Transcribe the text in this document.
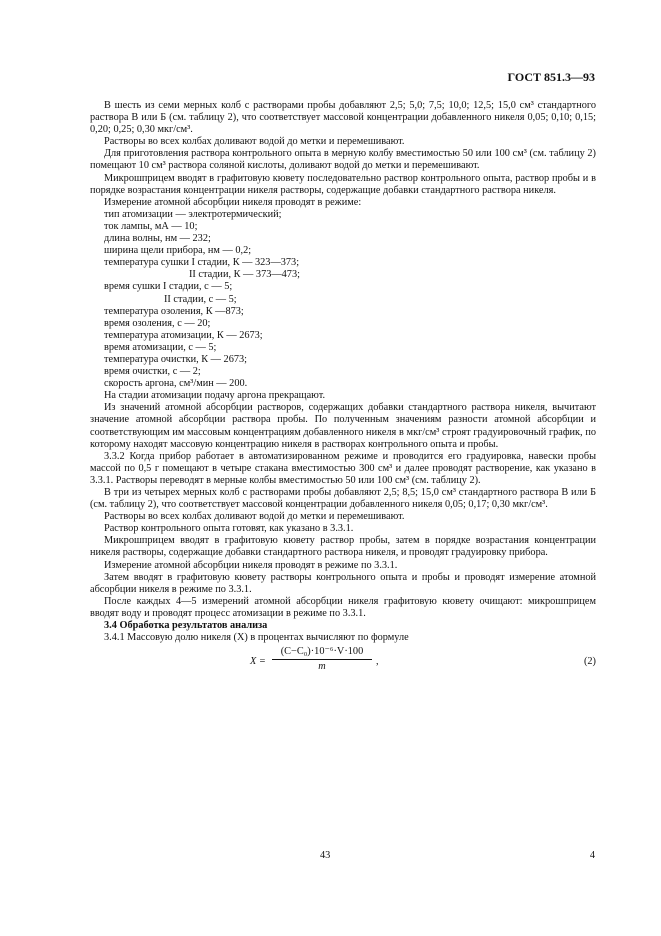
ГОСТ 851.3—93

В шесть из семи мерных колб с растворами пробы добавляют 2,5; 5,0; 7,5; 10,0; 12,5; 15,0 см³ стандартного раствора В или Б (см. таблицу 2), что соответствует массовой концентрации добавленного никеля 0,05; 0,10; 0,15; 0,20; 0,25; 0,30 мкг/см³.

Растворы во всех колбах доливают водой до метки и перемешивают.

Для приготовления раствора контрольного опыта в мерную колбу вместимостью 50 или 100 см³ (см. таблицу 2) помещают 10 см³ раствора соляной кислоты, доливают водой до метки и перемешивают.

Микрошприцем вводят в графитовую кювету последовательно раствор контрольного опыта, раствор пробы и в порядке возрастания концентрации никеля растворы, содержащие добавки стандартного раствора никеля.

Измерение атомной абсорбции никеля проводят в режиме:

тип атомизации — электротермический;

ток лампы, мА — 10;

длина волны, нм — 232;

ширина щели прибора, нм — 0,2;

температура сушки I стадии, К — 323—373;

II стадии, К — 373—473;

время сушки I стадии, с — 5;

II стадии, с — 5;

температура озоления, К —873;

время озоления, с — 20;

температура атомизации, К — 2673;

время атомизации, с — 5;

температура очистки, К — 2673;

время очистки, с — 2;

скорость аргона, см³/мин — 200.

На стадии атомизации подачу аргона прекращают.

Из значений атомной абсорбции растворов, содержащих добавки стандартного раствора никеля, вычитают значение атомной абсорбции раствора пробы. По полученным значениям разности атомной абсорбции и соответствующим им массовым концентрациям добавленного никеля в мкг/см³ строят градуировочный график, по которому находят массовую концентрацию никеля в растворах контрольного опыта и пробы.

3.3.2 Когда прибор работает в автоматизированном режиме и проводится его градуировка, навески пробы массой по 0,5 г помещают в четыре стакана вместимостью 300 см³ и далее проводят растворение, как указано в 3.3.1. Растворы переводят в мерные колбы вместимостью 50 или 100 см³ (см. таблицу 2).

В три из четырех мерных колб с растворами пробы добавляют 2,5; 8,5; 15,0 см³ стандартного раствора В или Б (см. таблицу 2), что соответствует массовой концентрации добавленного никеля 0,05; 0,17; 0,30 мкг/см³.

Растворы во всех колбах доливают водой до метки и перемешивают.

Раствор контрольного опыта готовят, как указано в 3.3.1.

Микрошприцем вводят в графитовую кювету раствор пробы, затем в порядке возрастания концентрации никеля растворы, содержащие добавки стандартного раствора никеля, и проводят градуировку прибора.

Измерение атомной абсорбции никеля проводят в режиме по 3.3.1.

Затем вводят в графитовую кювету растворы контрольного опыта и пробы и проводят измерение атомной абсорбции никеля в режиме по 3.3.1.

После каждых 4—5 измерений атомной абсорбции никеля графитовую кювету очищают: микрошприцем вводят воду и проводят процесс атомизации в режиме по 3.3.1.

3.4 Обработка результатов анализа

3.4.1 Массовую долю никеля (X) в процентах вычисляют по формуле

$X = \frac{\text{(C−C₀)·10⁻⁶·V·100}}{m}$ ,	(2)
43	4
